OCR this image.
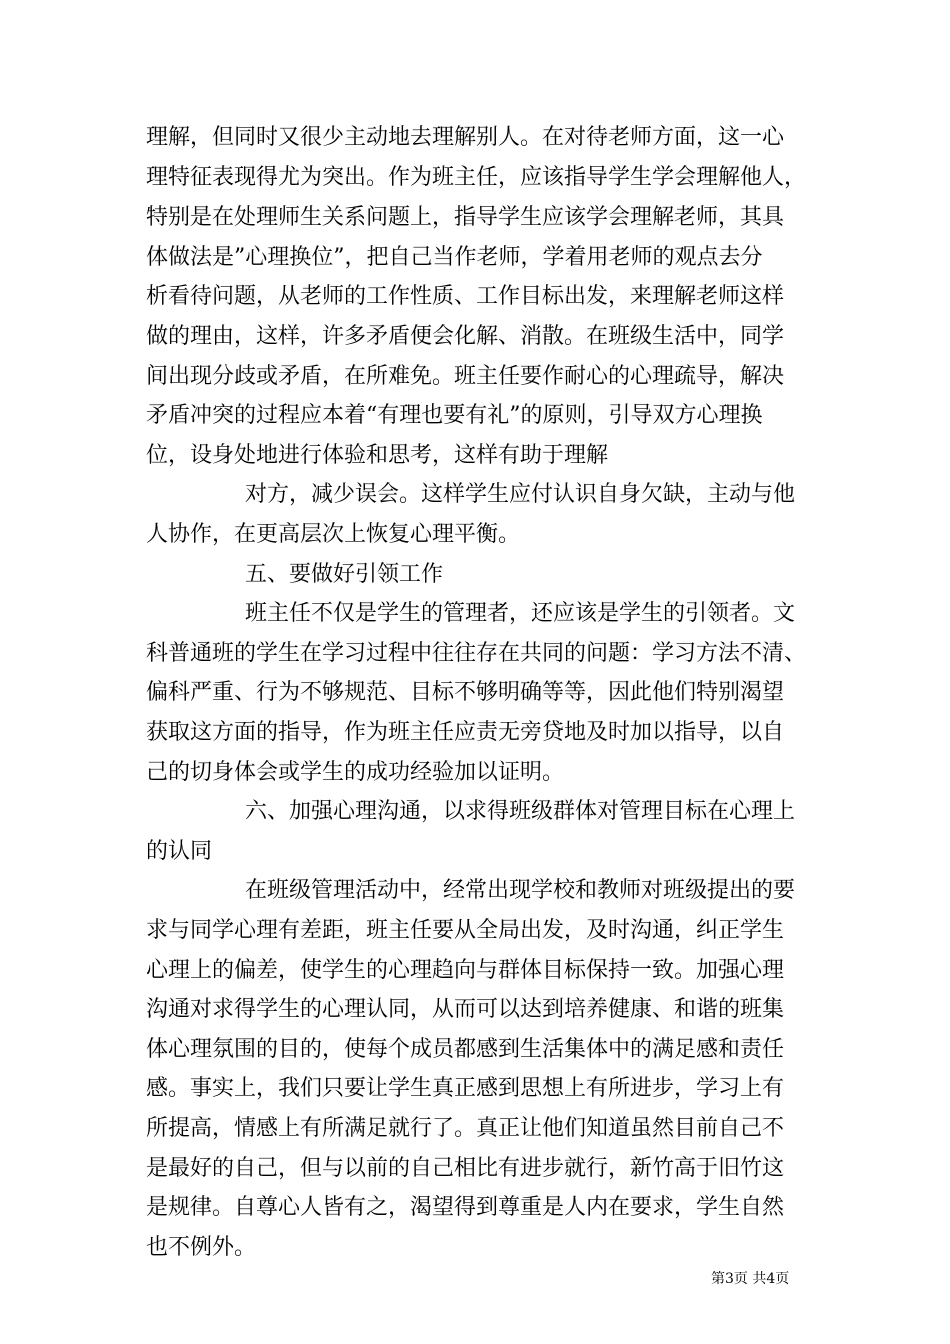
理解，但同时又很少主动地去理解别人。在对待老师方面，这一心
理特征表现得尤为突出。作为班主任，应该指导学生学会理解他人，
特别是在处理师生关系问题上，指导学生应该学会理解老师，其具
体做法是”心理换位”，把自己当作老师，学着用老师的观点去分
析看待问题，从老师的工作性质、工作目标出发，来理解老师这样
做的理由，这样，许多矛盾便会化解、消散。在班级生活中，同学
间出现分歧或矛盾，在所难免。班主任要作耐心的心理疏导，解决
矛盾冲突的过程应本着“有理也要有礼”的原则，引导双方心理换
位，设身处地进行体验和思考，这样有助于理解
对方，减少误会。这样学生应付认识自身欠缺，主动与他
人协作，在更高层次上恢复心理平衡。
五、要做好引领工作
班主任不仅是学生的管理者，还应该是学生的引领者。文
科普通班的学生在学习过程中往往存在共同的问题：学习方法不清、
偏科严重、行为不够规范、目标不够明确等等，因此他们特别渴望
获取这方面的指导，作为班主任应责无旁贷地及时加以指导，以自
己的切身体会或学生的成功经验加以证明。
六、加强心理沟通，以求得班级群体对管理目标在心理上
的认同
在班级管理活动中，经常出现学校和教师对班级提出的要
求与同学心理有差距，班主任要从全局出发，及时沟通，纠正学生
心理上的偏差，使学生的心理趋向与群体目标保持一致。加强心理
沟通对求得学生的心理认同，从而可以达到培养健康、和谐的班集
体心理氛围的目的，使每个成员都感到生活集体中的满足感和责任
感。事实上，我们只要让学生真正感到思想上有所进步，学习上有
所提高，情感上有所满足就行了。真正让他们知道虽然目前自己不
是最好的自己，但与以前的自己相比有进步就行，新竹高于旧竹这
是规律。自尊心人皆有之，渴望得到尊重是人内在要求，学生自然
也不例外。
第3页 共4页
